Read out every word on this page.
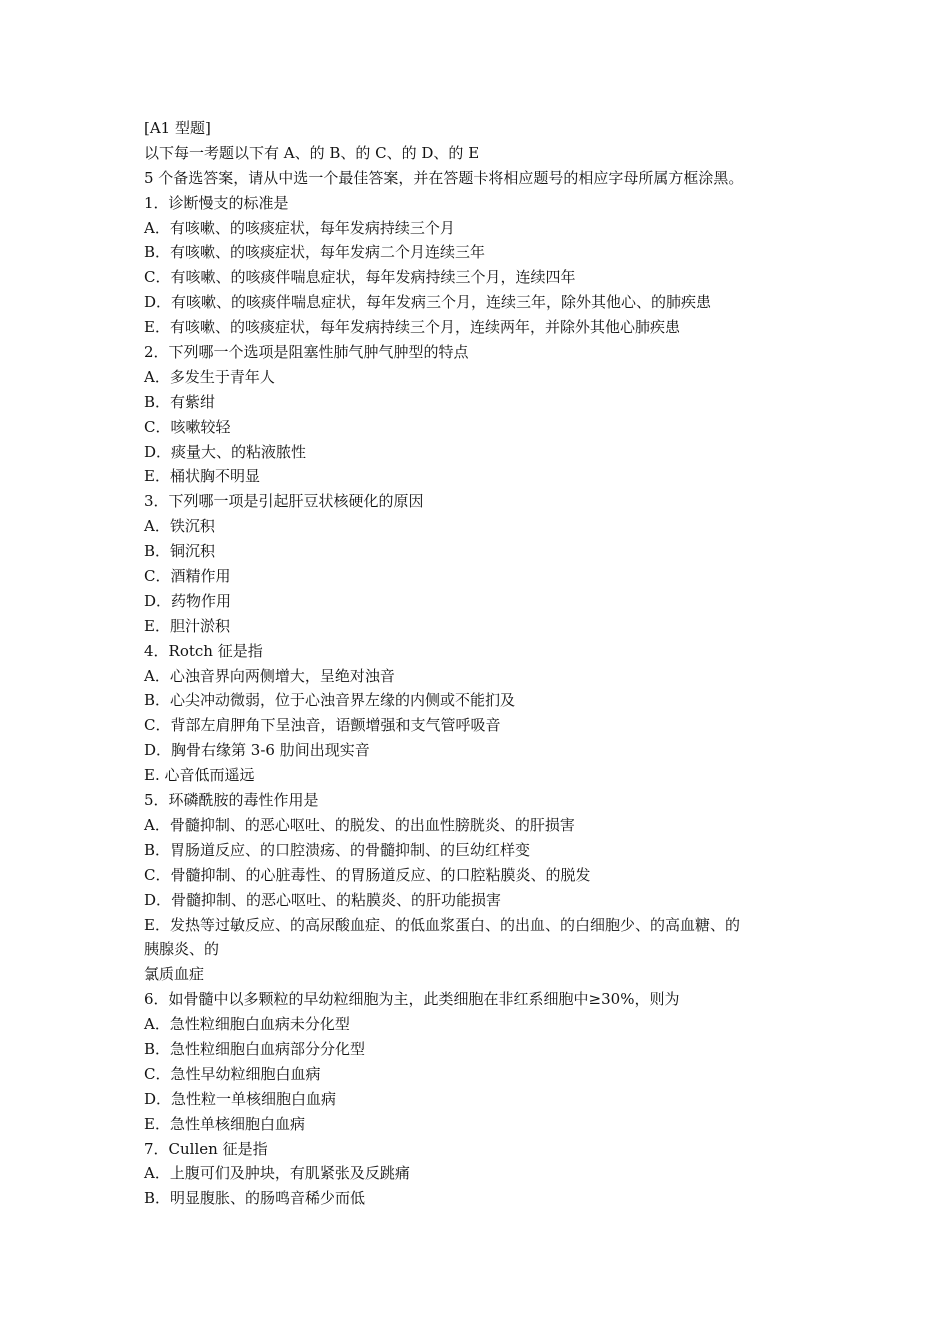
[A1 型题]
以下每一考题以下有 A、的 B、的 C、的 D、的 E
5 个备选答案，请从中选一个最佳答案，并在答题卡将相应题号的相应字母所属方框涂黑。
1．诊断慢支的标准是
A．有咳嗽、的咳痰症状，每年发病持续三个月
B．有咳嗽、的咳痰症状，每年发病二个月连续三年
C．有咳嗽、的咳痰伴喘息症状，每年发病持续三个月，连续四年
D．有咳嗽、的咳痰伴喘息症状，每年发病三个月，连续三年，除外其他心、的肺疾患
E．有咳嗽、的咳痰症状，每年发病持续三个月，连续两年，并除外其他心肺疾患
2．下列哪一个选项是阻塞性肺气肿气肿型的特点
A．多发生于青年人
B．有紫绀
C．咳嗽较轻
D．痰量大、的粘液脓性
E．桶状胸不明显
3．下列哪一项是引起肝豆状核硬化的原因
A．铁沉积
B．铜沉积
C．酒精作用
D．药物作用
E．胆汁淤积
4．Rotch 征是指
A．心浊音界向两侧增大，呈绝对浊音
B．心尖冲动微弱，位于心浊音界左缘的内侧或不能扪及
C．背部左肩胛角下呈浊音，语颤增强和支气管呼吸音
D．胸骨右缘第 3-6 肋间出现实音
E. 心音低而遥远
5．环磷酰胺的毒性作用是
A．骨髓抑制、的恶心呕吐、的脱发、的出血性膀胱炎、的肝损害
B．胃肠道反应、的口腔溃疡、的骨髓抑制、的巨幼红样变
C．骨髓抑制、的心脏毒性、的胃肠道反应、的口腔粘膜炎、的脱发
D．骨髓抑制、的恶心呕吐、的粘膜炎、的肝功能损害
E．发热等过敏反应、的高尿酸血症、的低血浆蛋白、的出血、的白细胞少、的高血糖、的
胰腺炎、的
氯质血症
6．如骨髓中以多颗粒的早幼粒细胞为主，此类细胞在非红系细胞中≥30%，则为
A．急性粒细胞白血病未分化型
B．急性粒细胞白血病部分分化型
C．急性早幼粒细胞白血病
D．急性粒一单核细胞白血病
E．急性单核细胞白血病
7．Cullen 征是指
A．上腹可们及肿块，有肌紧张及反跳痛
B．明显腹胀、的肠鸣音稀少而低
